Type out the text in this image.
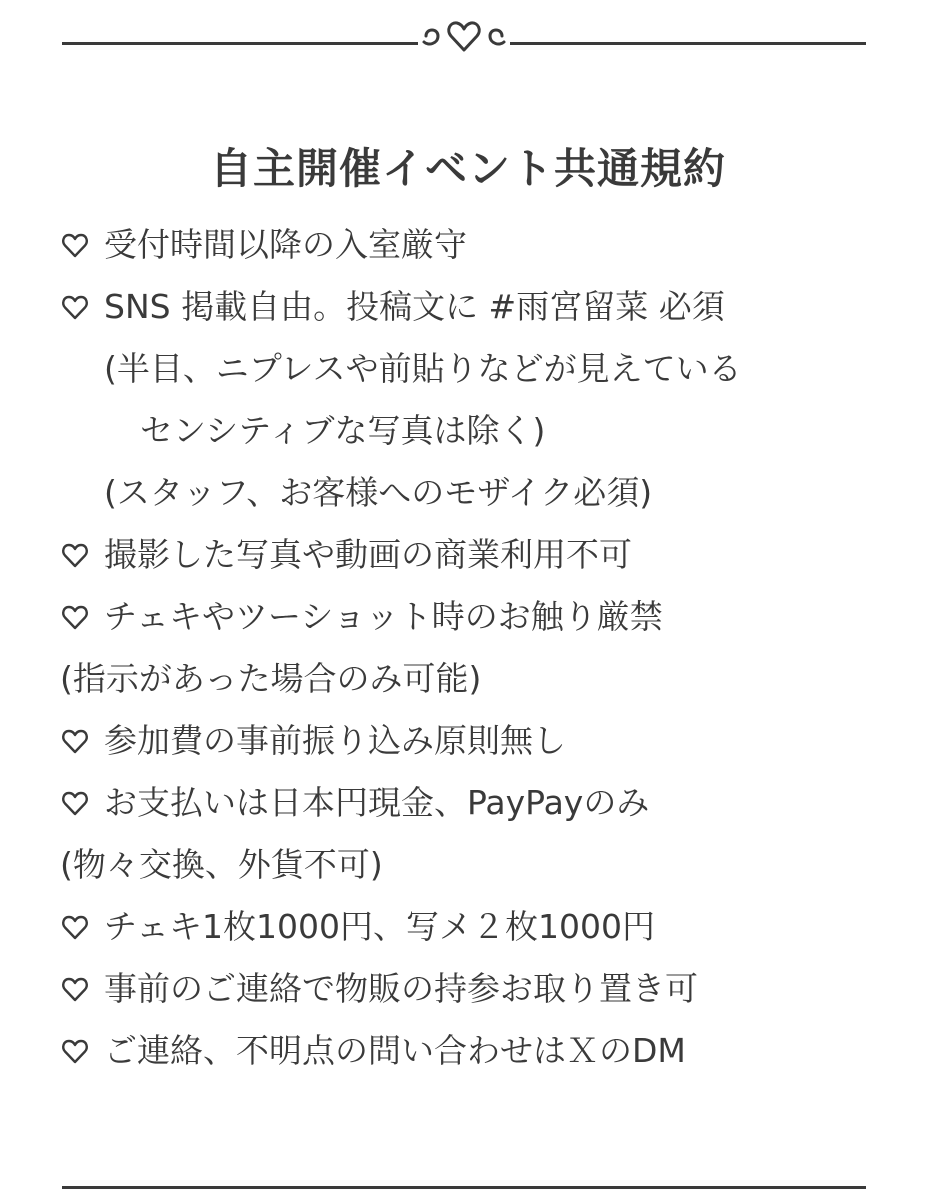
自主開催イベント共通規約
受付時間以降の入室厳守
SNS 掲載自由。投稿文に #雨宮留菜 必須
(半目、ニプレスや前貼りなどが見えている
センシティブな写真は除く)
(スタッフ、お客様へのモザイク必須)
撮影した写真や動画の商業利用不可
チェキやツーショット時のお触り厳禁
(指示があった場合のみ可能)
参加費の事前振り込み原則無し
お支払いは日本円現金、PayPayのみ
(物々交換、外貨不可)
チェキ1枚1000円、写メ２枚1000円
事前のご連絡で物販の持参お取り置き可
ご連絡、不明点の問い合わせはＸのDM
